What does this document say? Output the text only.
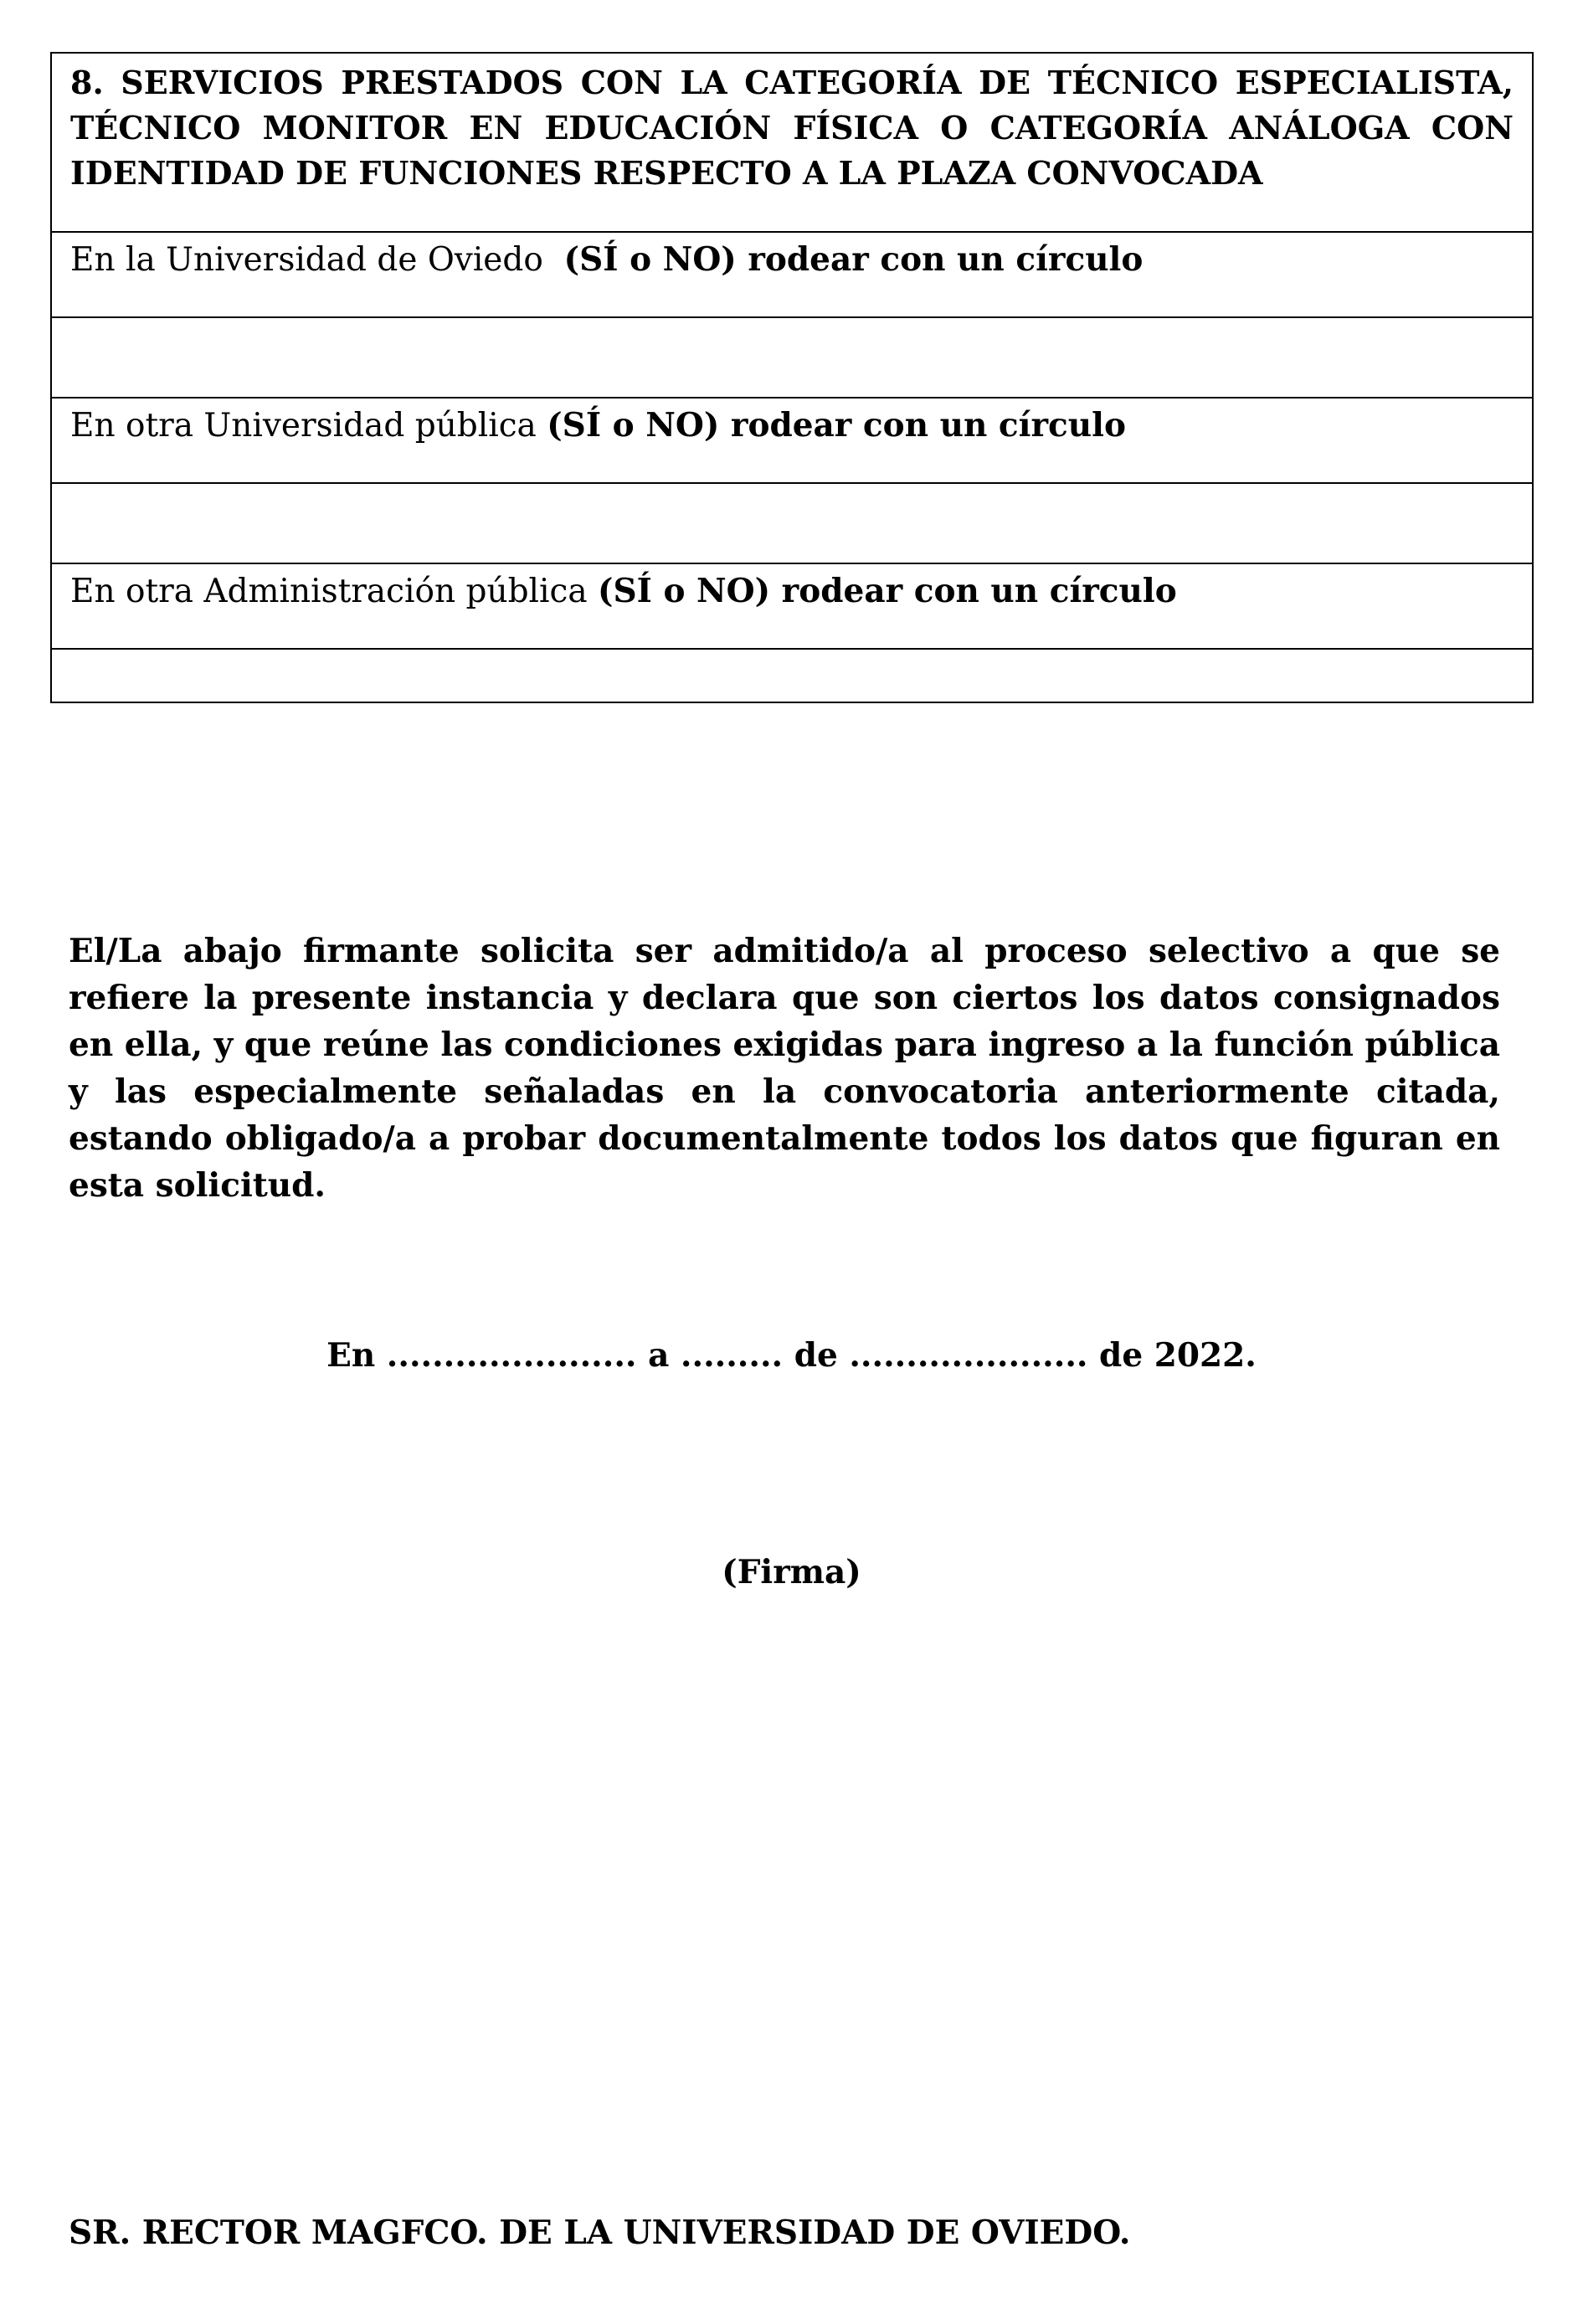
8. SERVICIOS PRESTADOS CON LA CATEGORÍA DE TÉCNICO ESPECIALISTA, TÉCNICO MONITOR EN EDUCACIÓN FÍSICA O CATEGORÍA ANÁLOGA CON IDENTIDAD DE FUNCIONES RESPECTO A LA PLAZA CONVOCADA
En la Universidad de Oviedo (SÍ o NO) rodear con un círculo

En otra Universidad pública (SÍ o NO) rodear con un círculo

En otra Administración pública (SÍ o NO) rodear con un círculo

El/La abajo firmante solicita ser admitido/a al proceso selectivo a que se refiere la presente instancia y declara que son ciertos los datos consignados en ella, y que reúne las condiciones exigidas para ingreso a la función pública y las especialmente señaladas en la convocatoria anteriormente citada, estando obligado/a a probar documentalmente todos los datos que figuran en esta solicitud.

En ...................... a ......... de ..................... de 2022.

(Firma)

SR. RECTOR MAGFCO. DE LA UNIVERSIDAD DE OVIEDO.
